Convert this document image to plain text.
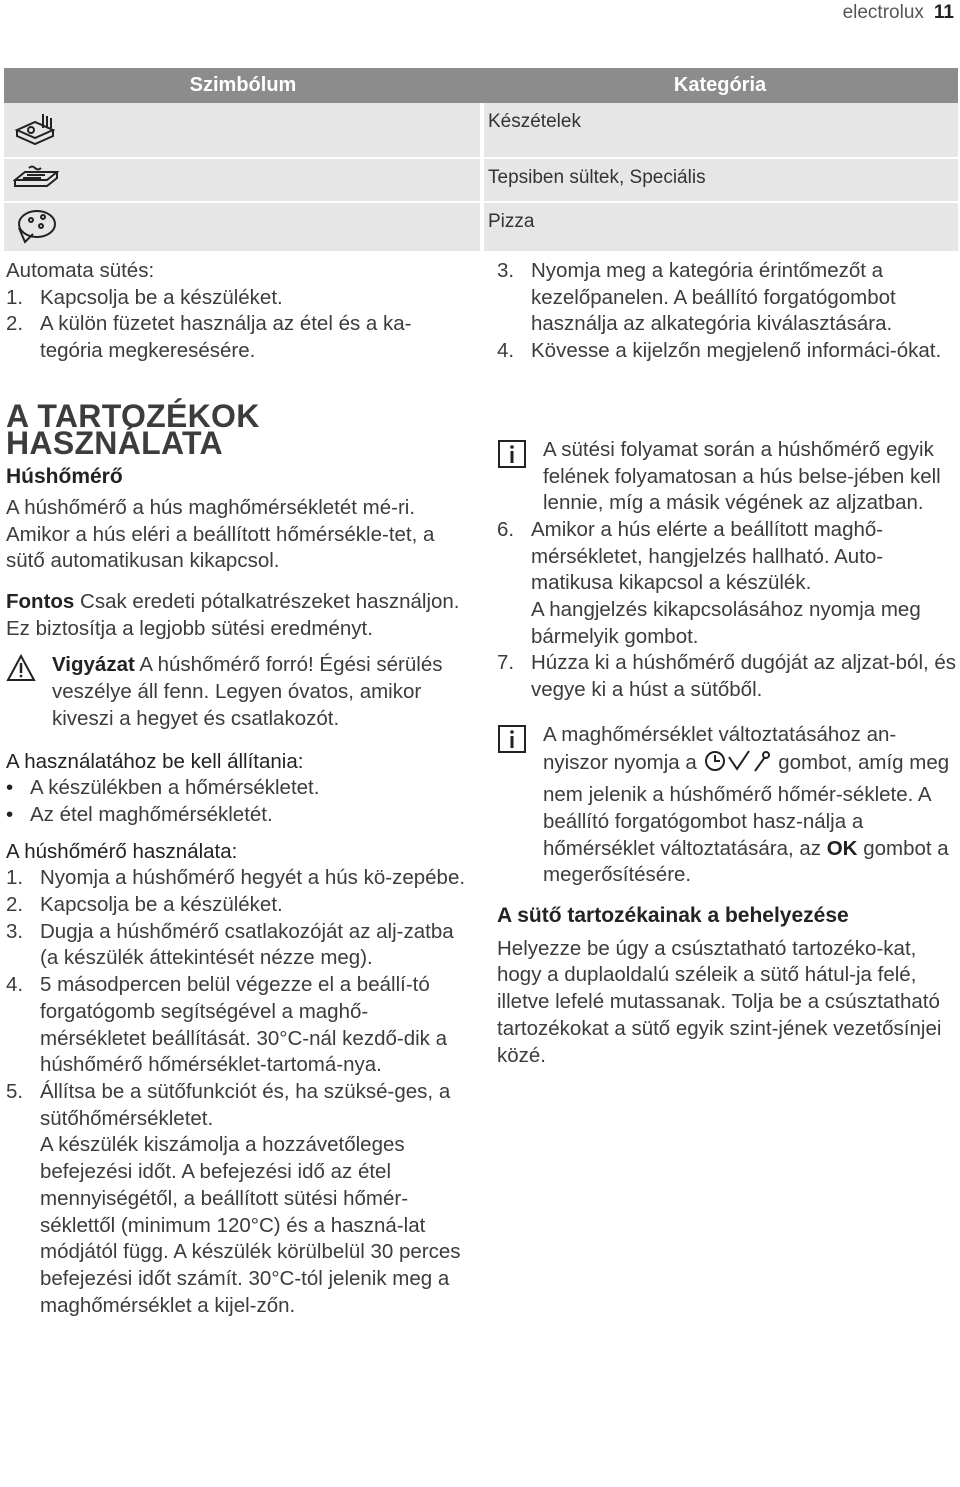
electrolux 11
Szimbólum	Kategória

Készételek

Tepsiben sültek, Speciális

Pizza

Automata sütés:

1. Kapcsolja be a készüléket.
2. A külön füzetet használja az étel és a ka-tegória megkeresésére.
A TARTOZÉKOK HASZNÁLATA

Húshőmérő

A húshőmérő a hús maghőmérsékletét mé-ri. Amikor a hús eléri a beállított hőmérsékle-tet, a sütő automatikusan kikapcsol.

Fontos Csak eredeti pótalkatrészeket használjon. Ez biztosítja a legjobb sütési eredményt.

Vigyázat A húshőmérő forró! Égési sérülés veszélye áll fenn. Legyen óvatos, amikor kiveszi a hegyet és csatlakozót.

A használatához be kell állítania:

• A készülékben a hőmérsékletet.
• Az étel maghőmérsékletét.

A húshőmérő használata:

1. Nyomja a húshőmérő hegyét a hús kö-zepébe.
2. Kapcsolja be a készüléket.
3. Dugja a húshőmérő csatlakozóját az alj-zatba (a készülék áttekintését nézze meg).
4. 5 másodpercen belül végezze el a beállí-tó forgatógomb segítségével a maghő-mérsékletet beállítását. 30°C-nál kezdő-dik a húshőmérő hőmérséklet-tartomá-nya.
5. Állítsa be a sütőfunkciót és, ha szüksé-ges, a sütőhőmérsékletet.
A készülék kiszámolja a hozzávetőleges befejezési időt. A befejezési idő az étel mennyiségétől, a beállított sütési hőmér-séklettől (minimum 120°C) és a haszná-lat módjától függ. A készülék körülbelül 30 perces befejezési időt számít. 30°C-tól jelenik meg a maghőmérséklet a kijel-zőn.
3. Nyomja meg a kategória érintőmezőt a kezelőpanelen. A beállító forgatógombot használja az alkategória kiválasztására.
4. Kövesse a kijelzőn megjelenő informáci-ókat.
A sütési folyamat során a húshőmérő egyik felének folyamatosan a hús belse-jében kell lennie, míg a másik végének az aljzatban.
6. Amikor a hús elérte a beállított maghő-mérsékletet, hangjelzés hallható. Auto-matikusa kikapcsol a készülék.
A hangjelzés kikapcsolásához nyomja meg bármelyik gombot.
7. Húzza ki a húshőmérő dugóját az aljzat-ból, és vegye ki a húst a sütőből.
A maghőmérséklet változtatásához an-nyiszor nyomja a	gombot, amíg meg nem jelenik a húshőmérő hőmér-séklete. A beállító forgatógombot hasz-nálja a hőmérséklet változtatására, az OK gombot a megerősítésére.

A sütő tartozékainak a behelyezése

Helyezze be úgy a csúsztatható tartozéko-kat, hogy a duplaoldalú széleik a sütő hátul-ja felé, illetve lefelé mutassanak. Tolja be a csúsztatható tartozékokat a sütő egyik szint-jének vezetősínjei közé.
